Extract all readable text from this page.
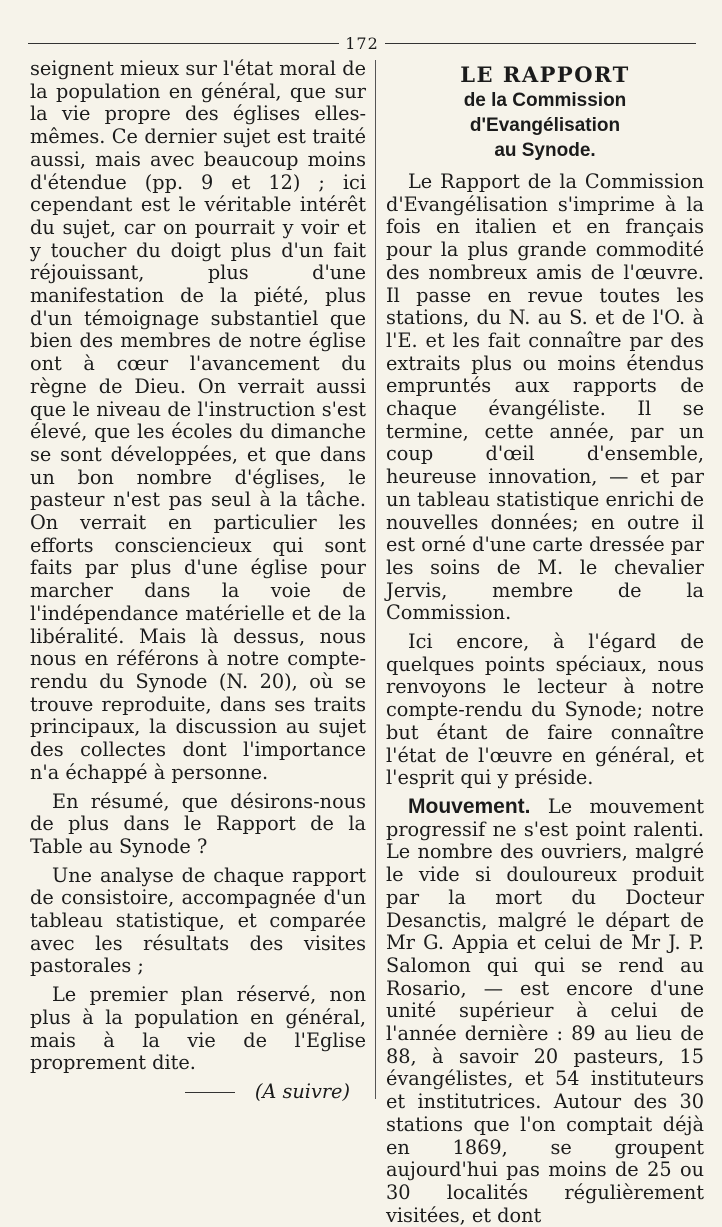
172

seignent mieux sur l'état moral de la population en général, que sur la vie propre des églises elles-mêmes. Ce dernier sujet est traité aussi, mais avec beaucoup moins d'étendue (pp. 9 et 12) ; ici cependant est le véritable intérêt du sujet, car on pourrait y voir et y toucher du doigt plus d'un fait réjouissant, plus d'une manifestation de la piété, plus d'un témoignage substantiel que bien des membres de notre église ont à cœur l'avancement du règne de Dieu. On verrait aussi que le niveau de l'instruction s'est élevé, que les écoles du dimanche se sont développées, et que dans un bon nombre d'églises, le pasteur n'est pas seul à la tâche. On verrait en particulier les efforts consciencieux qui sont faits par plus d'une église pour marcher dans la voie de l'indépendance matérielle et de la libéralité. Mais là dessus, nous nous en référons à notre compte-rendu du Synode (N. 20), où se trouve reproduite, dans ses traits principaux, la discussion au sujet des collectes dont l'importance n'a échappé à personne.

En résumé, que désirons-nous de plus dans le Rapport de la Table au Synode ?

Une analyse de chaque rapport de consistoire, accompagnée d'un tableau statistique, et comparée avec les résultats des visites pastorales ;

Le premier plan réservé, non plus à la population en général, mais à la vie de l'Eglise proprement dite.

(A suivre)

LE RAPPORT
de la Commission d'Evangélisation
au Synode.

Le Rapport de la Commission d'Evangélisation s'imprime à la fois en italien et en français pour la plus grande commodité des nombreux amis de l'œuvre. Il passe en revue toutes les stations, du N. au S. et de l'O. à l'E. et les fait connaître par des extraits plus ou moins étendus empruntés aux rapports de chaque évangéliste. Il se termine, cette année, par un coup d'œil d'ensemble, heureuse innovation, — et par un tableau statistique enrichi de nouvelles données; en outre il est orné d'une carte dressée par les soins de M. le chevalier Jervis, membre de la Commission.

Ici encore, à l'égard de quelques points spéciaux, nous renvoyons le lecteur à notre compte-rendu du Synode; notre but étant de faire connaître l'état de l'œuvre en général, et l'esprit qui y préside.

Mouvement. Le mouvement progressif ne s'est point ralenti. Le nombre des ouvriers, malgré le vide si douloureux produit par la mort du Docteur Desanctis, malgré le départ de Mr G. Appia et celui de Mr J. P. Salomon qui qui se rend au Rosario, — est encore d'une unité supérieur à celui de l'année dernière : 89 au lieu de 88, à savoir 20 pasteurs, 15 évangélistes, et 54 instituteurs et institutrices. Autour des 30 stations que l'on comptait déjà en 1869, se groupent aujourd'hui pas moins de 25 ou 30 localités régulièrement visitées, et dont
